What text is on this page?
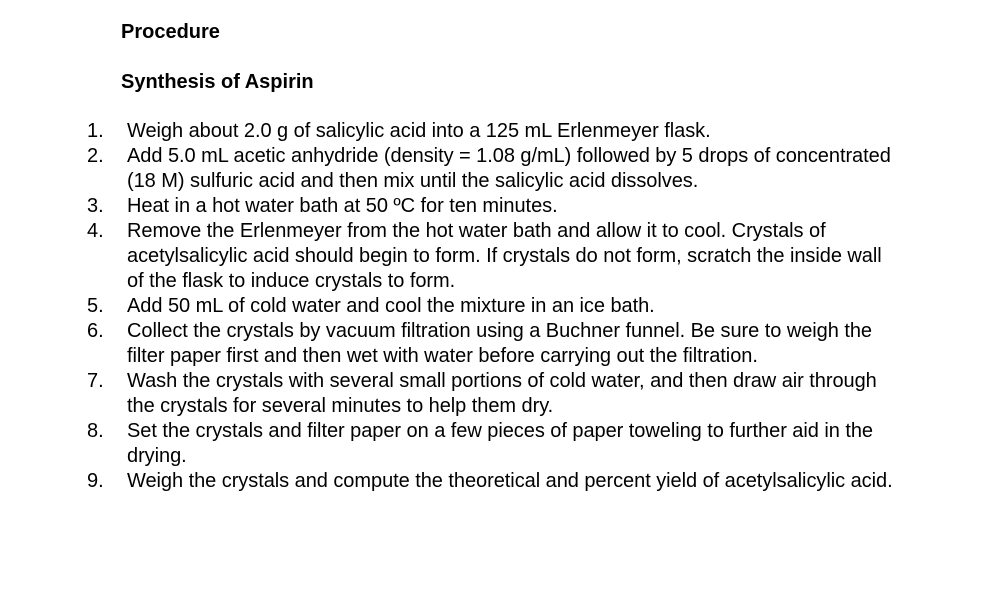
Procedure
Synthesis of Aspirin
1.	Weigh about 2.0 g of salicylic acid into a 125 mL Erlenmeyer flask.
2.	Add 5.0 mL acetic anhydride (density = 1.08 g/mL) followed by 5 drops of concentrated (18 M) sulfuric acid and then mix until the salicylic acid dissolves.
3.	Heat in a hot water bath at 50 ºC for ten minutes.
4.	Remove the Erlenmeyer from the hot water bath and allow it to cool. Crystals of acetylsalicylic acid should begin to form. If crystals do not form, scratch the inside wall of the flask to induce crystals to form.
5.	Add 50 mL of cold water and cool the mixture in an ice bath.
6.	Collect the crystals by vacuum filtration using a Buchner funnel. Be sure to weigh the filter paper first and then wet with water before carrying out the filtration.
7.	Wash the crystals with several small portions of cold water, and then draw air through the crystals for several minutes to help them dry.
8.	Set the crystals and filter paper on a few pieces of paper toweling to further aid in the drying.
9.	Weigh the crystals and compute the theoretical and percent yield of acetylsalicylic acid.
